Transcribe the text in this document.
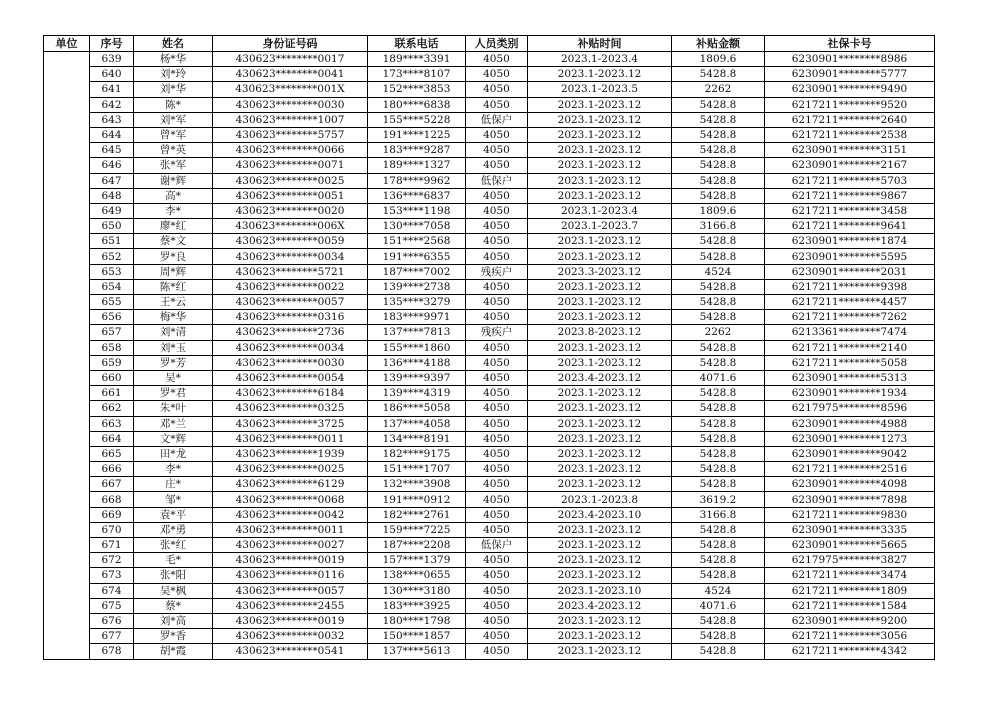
单位	序号	姓名	身份证号码	联系电话	人员类别	补贴时间	补贴金额	社保卡号
	639	杨*华	430623********0017	189****3391	4050	2023.1-2023.4	1809.6	6230901********8986
	640	刘*玲	430623********0041	173****8107	4050	2023.1-2023.12	5428.8	6230901********5777
	641	刘*华	430623********001X	152****3853	4050	2023.1-2023.5	2262	6230901********9490
	642	陈*	430623********0030	180****6838	4050	2023.1-2023.12	5428.8	6217211********9520
	643	刘*军	430623********1007	155****5228	低保户	2023.1-2023.12	5428.8	6217211********2640
	644	曾*军	430623********5757	191****1225	4050	2023.1-2023.12	5428.8	6217211********2538
	645	曾*英	430623********0066	183****9287	4050	2023.1-2023.12	5428.8	6230901********3151
	646	张*军	430623********0071	189****1327	4050	2023.1-2023.12	5428.8	6230901********2167
	647	谢*辉	430623********0025	178****9962	低保户	2023.1-2023.12	5428.8	6217211********5703
	648	高*	430623********0051	136****6837	4050	2023.1-2023.12	5428.8	6217211********9867
	649	李*	430623********0020	153****1198	4050	2023.1-2023.4	1809.6	6217211********3458
	650	廖*红	430623********006X	130****7058	4050	2023.1-2023.7	3166.8	6217211********9641
	651	蔡*文	430623********0059	151****2568	4050	2023.1-2023.12	5428.8	6230901********1874
	652	罗*良	430623********0034	191****6355	4050	2023.1-2023.12	5428.8	6230901********5595
	653	周*辉	430623********5721	187****7002	残疾户	2023.3-2023.12	4524	6230901********2031
	654	陈*红	430623********0022	139****2738	4050	2023.1-2023.12	5428.8	6217211********9398
	655	王*云	430623********0057	135****3279	4050	2023.1-2023.12	5428.8	6217211********4457
	656	梅*华	430623********0316	183****9971	4050	2023.1-2023.12	5428.8	6217211********7262
	657	刘*清	430623********2736	137****7813	残疾户	2023.8-2023.12	2262	6213361********7474
	658	刘*玉	430623********0034	155****1860	4050	2023.1-2023.12	5428.8	6217211********2140
	659	罗*芳	430623********0030	136****4188	4050	2023.1-2023.12	5428.8	6217211********5058
	660	吴*	430623********0054	139****9397	4050	2023.4-2023.12	4071.6	6230901********5313
	661	罗*君	430623********6184	139****4319	4050	2023.1-2023.12	5428.8	6230901********1934
	662	朱*叶	430623********0325	186****5058	4050	2023.1-2023.12	5428.8	6217975********8596
	663	邓*兰	430623********3725	137****4058	4050	2023.1-2023.12	5428.8	6230901********4988
	664	文*辉	430623********0011	134****8191	4050	2023.1-2023.12	5428.8	6230901********1273
	665	田*龙	430623********1939	182****9175	4050	2023.1-2023.12	5428.8	6230901********9042
	666	李*	430623********0025	151****1707	4050	2023.1-2023.12	5428.8	6217211********2516
	667	庄*	430623********6129	132****3908	4050	2023.1-2023.12	5428.8	6230901********4098
	668	邹*	430623********0068	191****0912	4050	2023.1-2023.8	3619.2	6230901********7898
	669	袁*平	430623********0042	182****2761	4050	2023.4-2023.10	3166.8	6217211********9830
	670	邓*勇	430623********0011	159****7225	4050	2023.1-2023.12	5428.8	6230901********3335
	671	张*红	430623********0027	187****2208	低保户	2023.1-2023.12	5428.8	6230901********5665
	672	毛*	430623********0019	157****1379	4050	2023.1-2023.12	5428.8	6217975********3827
	673	张*阳	430623********0116	138****0655	4050	2023.1-2023.12	5428.8	6217211********3474
	674	吴*枫	430623********0057	130****3180	4050	2023.1-2023.10	4524	6217211********1809
	675	蔡*	430623********2455	183****3925	4050	2023.4-2023.12	4071.6	6217211********1584
	676	刘*高	430623********0019	180****1798	4050	2023.1-2023.12	5428.8	6230901********9200
	677	罗*香	430623********0032	150****1857	4050	2023.1-2023.12	5428.8	6217211********3056
	678	胡*霞	430623********0541	137****5613	4050	2023.1-2023.12	5428.8	6217211********4342
